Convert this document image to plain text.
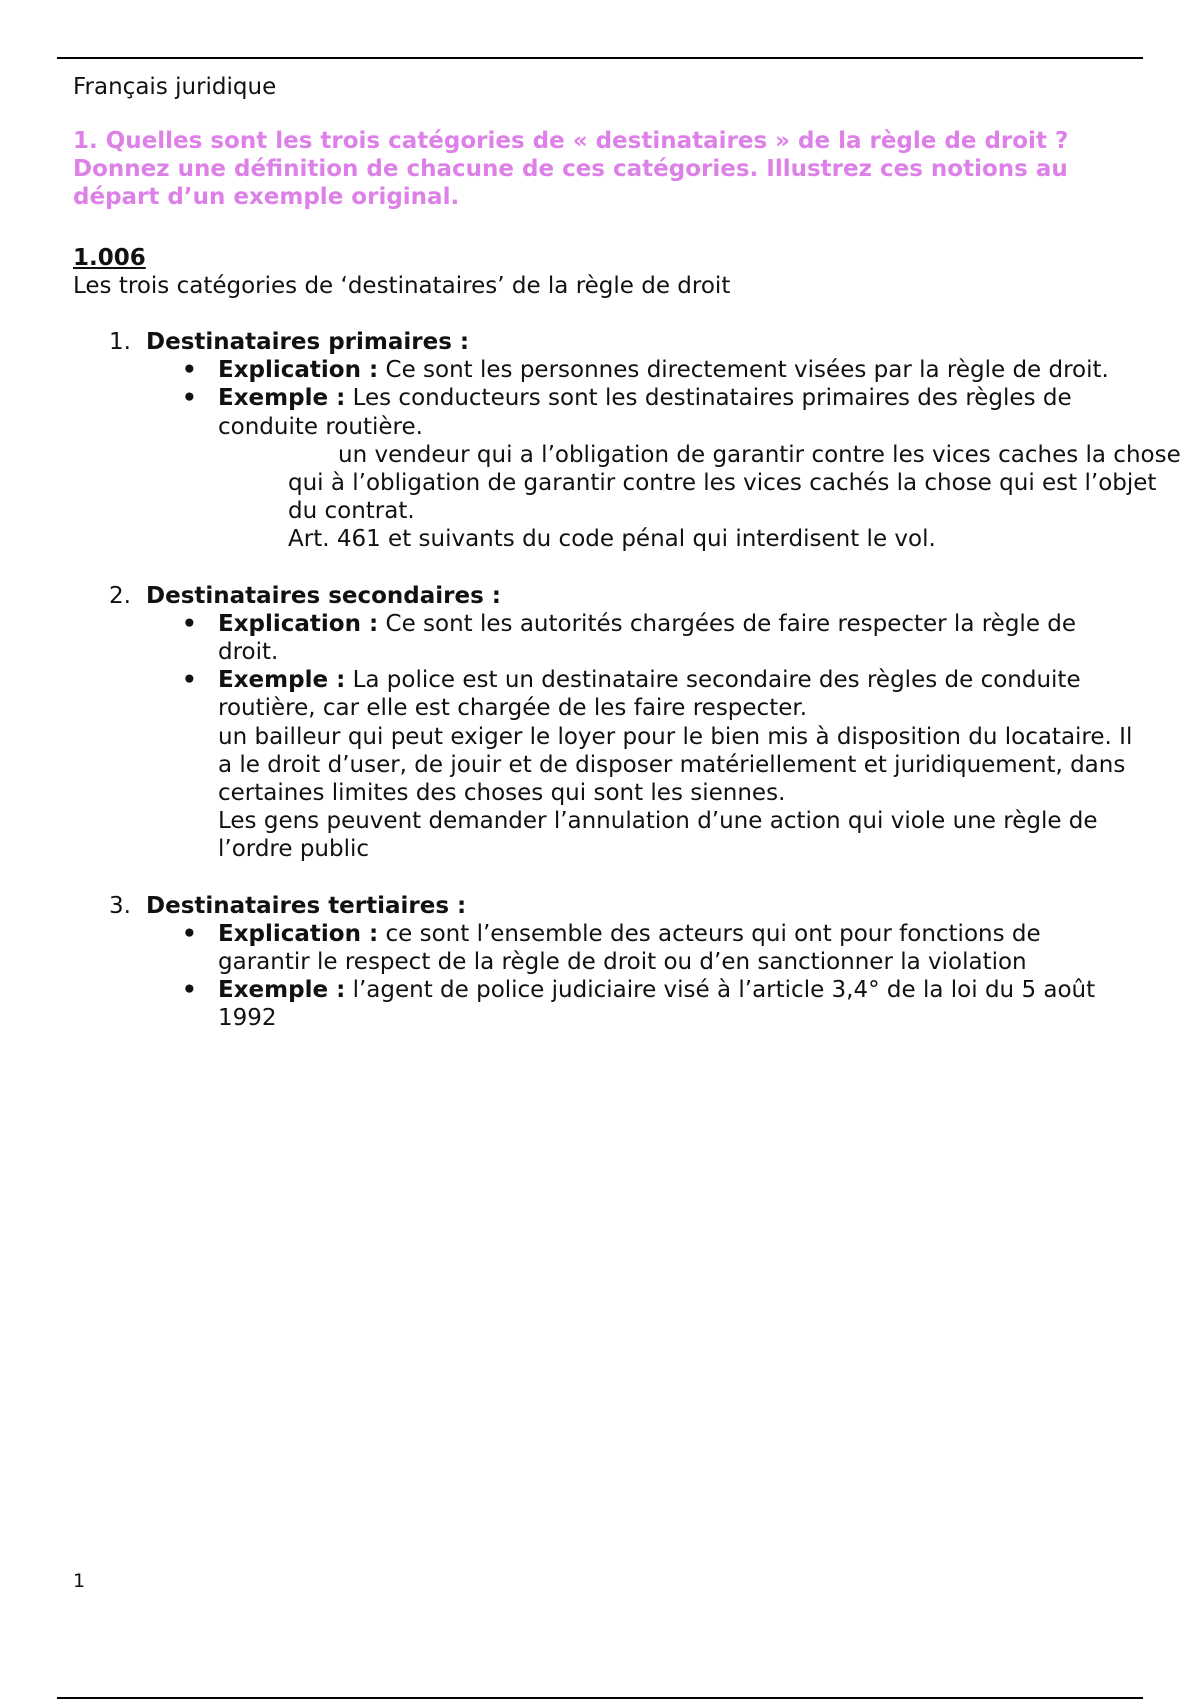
Français juridique
1. Quelles sont les trois catégories de « destinataires » de la règle de droit ? Donnez une définition de chacune de ces catégories. Illustrez ces notions au départ d’un exemple original.
1.006
Les trois catégories de ‘destinataires’ de la règle de droit
1. Destinataires primaires :
• Explication : Ce sont les personnes directement visées par la règle de droit.
• Exemple : Les conducteurs sont les destinataires primaires des règles de conduite routière.
un vendeur qui a l’obligation de garantir contre les vices caches la chose qui à l’obligation de garantir contre les vices cachés la chose qui est l’objet du contrat.
Art. 461 et suivants du code pénal qui interdisent le vol.
2. Destinataires secondaires :
• Explication : Ce sont les autorités chargées de faire respecter la règle de droit.
• Exemple : La police est un destinataire secondaire des règles de conduite routière, car elle est chargée de les faire respecter.
un bailleur qui peut exiger le loyer pour le bien mis à disposition du locataire. Il a le droit d’user, de jouir et de disposer matériellement et juridiquement, dans certaines limites des choses qui sont les siennes.
Les gens peuvent demander l’annulation d’une action qui viole une règle de l’ordre public
3. Destinataires tertiaires :
• Explication : ce sont l’ensemble des acteurs qui ont pour fonctions de garantir le respect de la règle de droit ou d’en sanctionner la violation
• Exemple : l’agent de police judiciaire visé à l’article 3,4° de la loi du 5 août 1992
1
